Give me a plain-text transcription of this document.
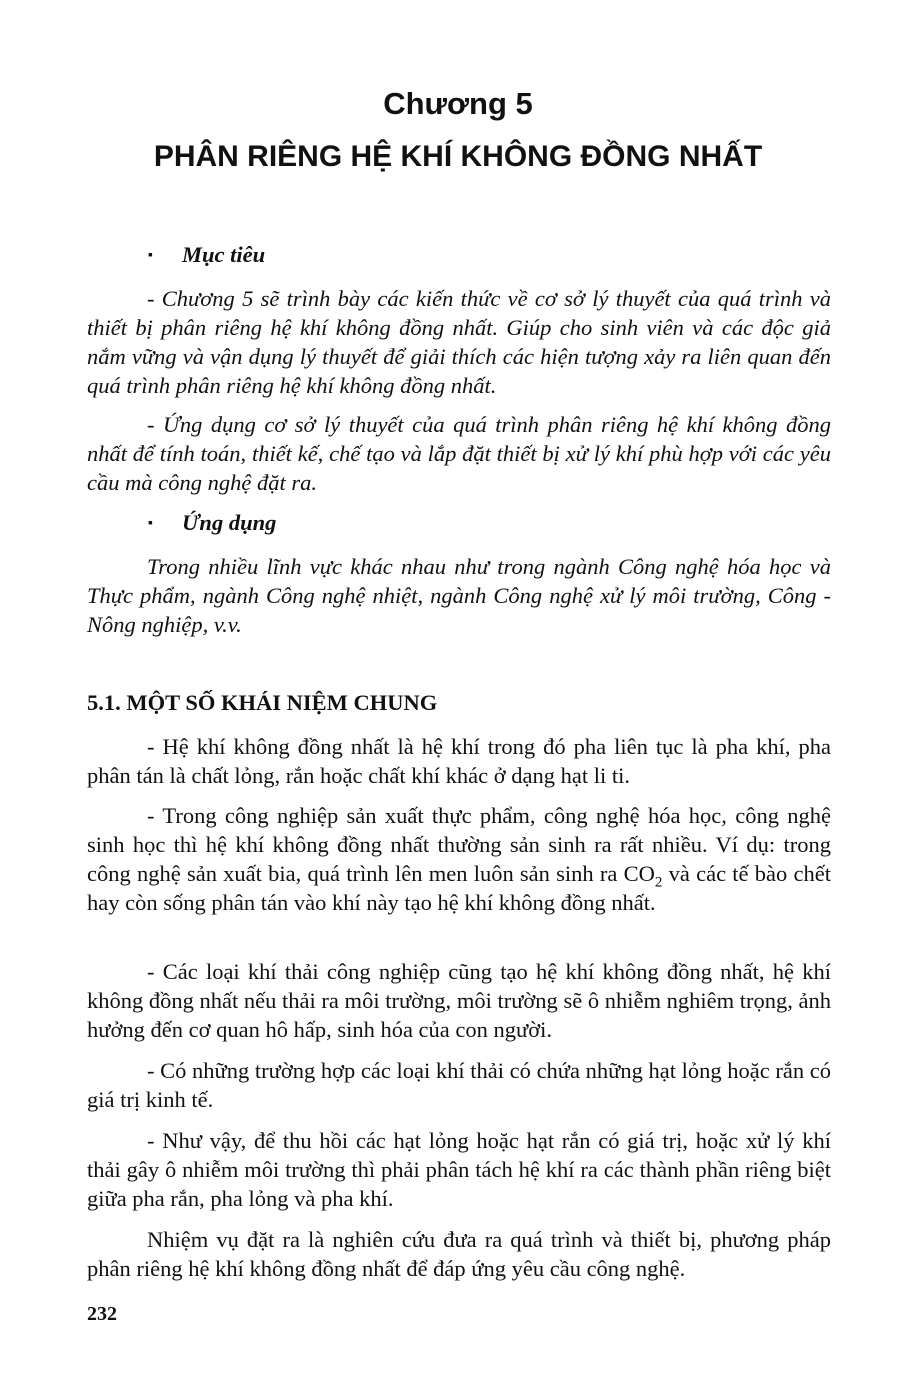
Chương 5
PHÂN RIÊNG HỆ KHÍ KHÔNG ĐỒNG NHẤT
▪ Mục tiêu

- Chương 5 sẽ trình bày các kiến thức về cơ sở lý thuyết của quá trình và thiết bị phân riêng hệ khí không đồng nhất. Giúp cho sinh viên và các độc giả nắm vững và vận dụng lý thuyết để giải thích các hiện tượng xảy ra liên quan đến quá trình phân riêng hệ khí không đồng nhất.

- Ứng dụng cơ sở lý thuyết của quá trình phân riêng hệ khí không đồng nhất để tính toán, thiết kế, chế tạo và lắp đặt thiết bị xử lý khí phù hợp với các yêu cầu mà công nghệ đặt ra.

▪ Ứng dụng

Trong nhiều lĩnh vực khác nhau như trong ngành Công nghệ hóa học và Thực phẩm, ngành Công nghệ nhiệt, ngành Công nghệ xử lý môi trường, Công - Nông nghiệp, v.v.

5.1. MỘT SỐ KHÁI NIỆM CHUNG

- Hệ khí không đồng nhất là hệ khí trong đó pha liên tục là pha khí, pha phân tán là chất lỏng, rắn hoặc chất khí khác ở dạng hạt li ti.

- Trong công nghiệp sản xuất thực phẩm, công nghệ hóa học, công nghệ sinh học thì hệ khí không đồng nhất thường sản sinh ra rất nhiều. Ví dụ: trong công nghệ sản xuất bia, quá trình lên men luôn sản sinh ra $CO_2$ và các tế bào chết hay còn sống phân tán vào khí này tạo hệ khí không đồng nhất.

- Các loại khí thải công nghiệp cũng tạo hệ khí không đồng nhất, hệ khí không đồng nhất nếu thải ra môi trường, môi trường sẽ ô nhiễm nghiêm trọng, ảnh hưởng đến cơ quan hô hấp, sinh hóa của con người.

- Có những trường hợp các loại khí thải có chứa những hạt lỏng hoặc rắn có giá trị kinh tế.

- Như vậy, để thu hồi các hạt lỏng hoặc hạt rắn có giá trị, hoặc xử lý khí thải gây ô nhiễm môi trường thì phải phân tách hệ khí ra các thành phần riêng biệt giữa pha rắn, pha lỏng và pha khí.

Nhiệm vụ đặt ra là nghiên cứu đưa ra quá trình và thiết bị, phương pháp phân riêng hệ khí không đồng nhất để đáp ứng yêu cầu công nghệ.

232
